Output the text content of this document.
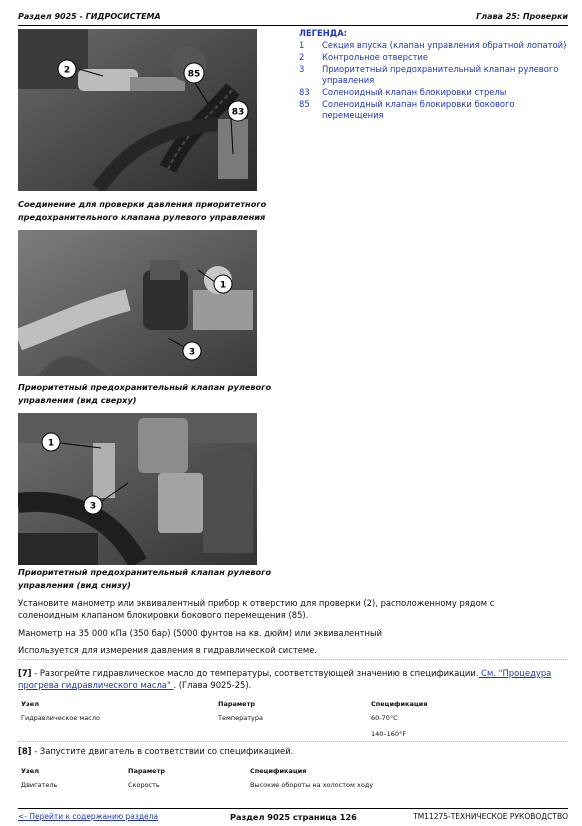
Раздел 9025 - ГИДРОСИСТЕМА	Глава 25: Проверки
2	85
83
Соединение для проверки давления приоритетного предохранительного клапана рулевого управления
ЛЕГЕНДА:
1	Секция впуска (клапан управления обратной лопатой)
2	Контрольное отверстие
3	Приоритетный предохранительный клапан рулевого управления
83	Соленоидный клапан блокировки стрелы
85	Соленоидный клапан блокировки бокового перемещения
1
3
Приоритетный предохранительный клапан рулевого управления (вид сверху)
1
3
Приоритетный предохранительный клапан рулевого управления (вид снизу)
Установите манометр или эквивалентный прибор к отверстию для проверки (2), расположенному рядом с соленоидным клапаном блокировки бокового перемещения (85).
Манометр на 35 000 кПа (350 бар) (5000 фунтов на кв. дюйм) или эквивалентный
Используется для измерения давления в гидравлической системе.
[7] - Разогрейте гидравлическое масло до температуры, соответствующей значению в спецификации. См. "Процедура прогрева гидравлического масла" . (Глава 9025-25).
Узел	Параметр	Спецификация
Гидравлическое масло	Температура	60-70°C
140–160°F
[8] - Запустите двигатель в соответствии со спецификацией.
Узел	Параметр	Спецификация
Двигатель	Скорость	Высокие обороты на холостом ходу
<- Перейти к содержанию раздела	Раздел 9025 страница 126	TM11275-ТЕХНИЧЕСКОЕ РУКОВОДСТВО
